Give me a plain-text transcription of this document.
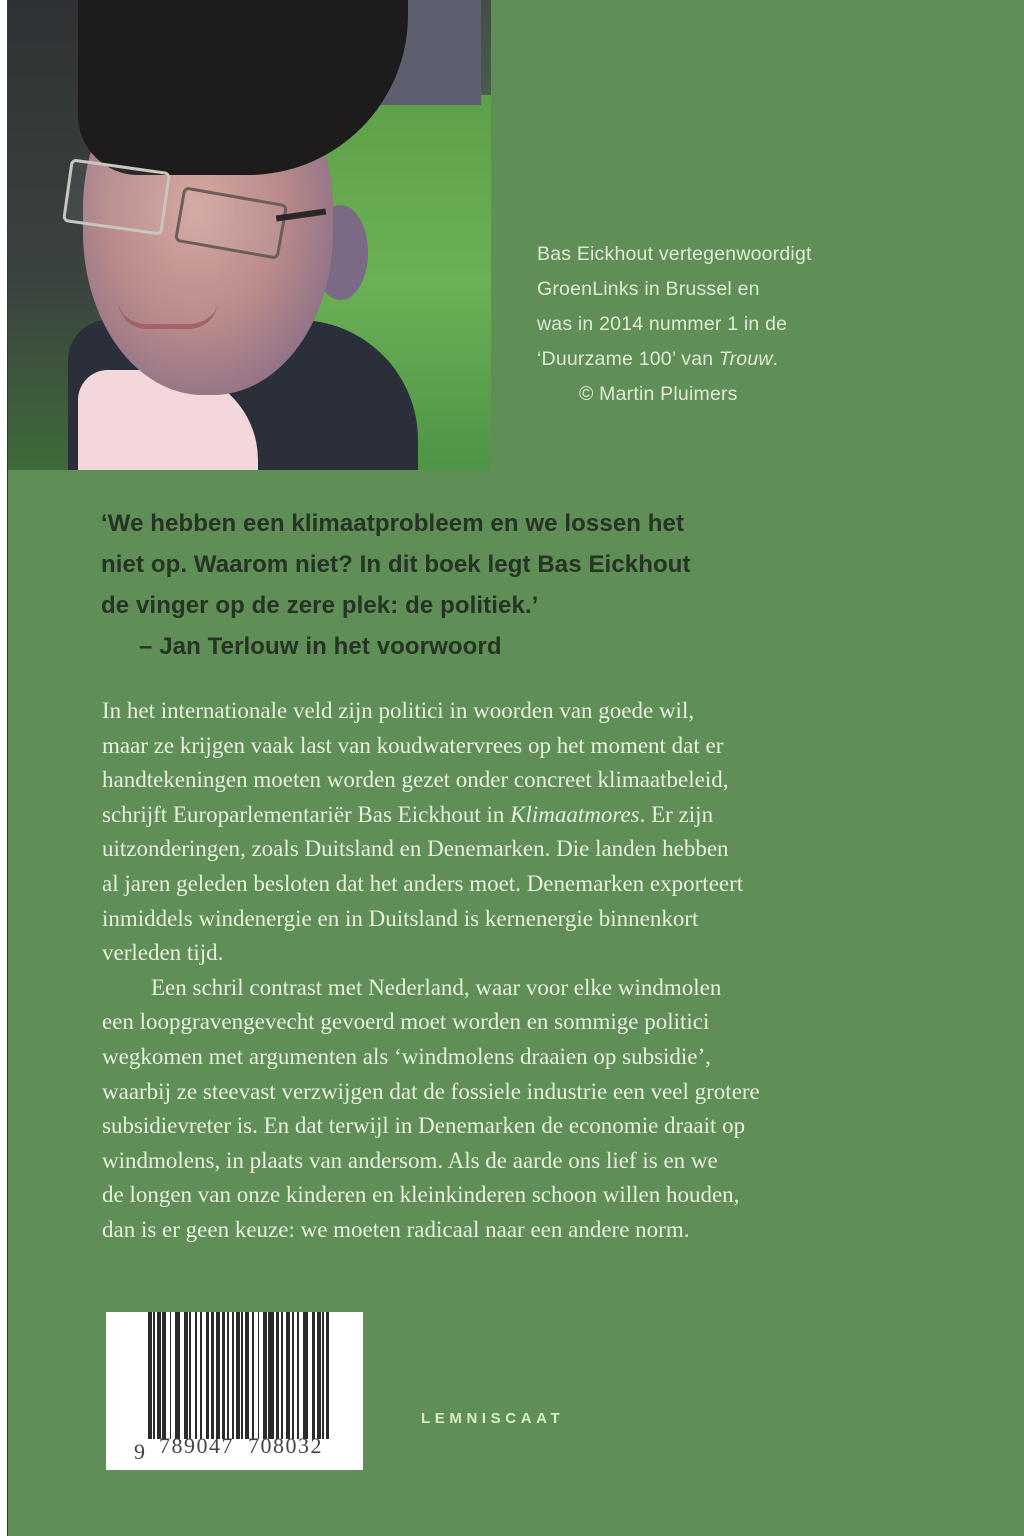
Bas Eickhout vertegenwoordigt
GroenLinks in Brussel en
was in 2014 nummer 1 in de
‘Duurzame 100’ van Trouw.
© Martin Pluimers
‘We hebben een klimaatprobleem en we lossen het
niet op. Waarom niet? In dit boek legt Bas Eickhout
de vinger op de zere plek: de politiek.’
– Jan Terlouw in het voorwoord
In het internationale veld zijn politici in woorden van goede wil,
maar ze krijgen vaak last van koudwatervrees op het moment dat er
handtekeningen moeten worden gezet onder concreet klimaatbeleid,
schrijft Europarlementariër Bas Eickhout in Klimaatmores. Er zijn
uitzonderingen, zoals Duitsland en Denemarken. Die landen hebben
al jaren geleden besloten dat het anders moet. Denemarken exporteert
inmiddels windenergie en in Duitsland is kernenergie binnenkort
verleden tijd.
Een schril contrast met Nederland, waar voor elke windmolen
een loopgravengevecht gevoerd moet worden en sommige politici
wegkomen met argumenten als ‘windmolens draaien op subsidie’,
waarbij ze steevast verzwijgen dat de fossiele industrie een veel grotere
subsidievreter is. En dat terwijl in Denemarken de economie draait op
windmolens, in plaats van andersom. Als de aarde ons lief is en we
de longen van onze kinderen en kleinkinderen schoon willen houden,
dan is er geen keuze: we moeten radicaal naar een andere norm.
9 789047 708032
LEMNISCAAT
